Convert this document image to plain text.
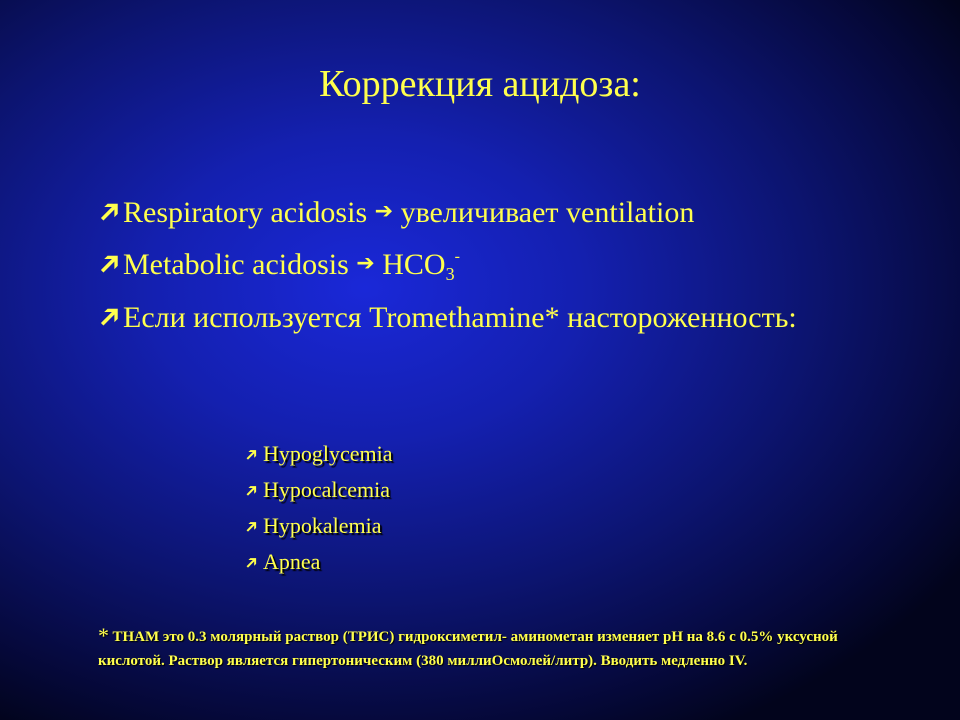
Коррекция ацидоза:
➔Respiratory acidosis ➔ увеличивает ventilation
➔Metabolic acidosis ➔ $HCO_3^-$
➔Если используется Tromethamine* настороженность:
➔Hypoglycemia
➔Hypocalcemia
➔Hypokalemia
➔Apnea
* THAM это 0.3 молярный раствор (ТРИС) гидроксиметил- аминометан изменяет pH на 8.6 с 0.5% уксусной кислотой. Раствор является гипертоническим (380 миллиОсмолей/литр). Вводить медленно IV.
